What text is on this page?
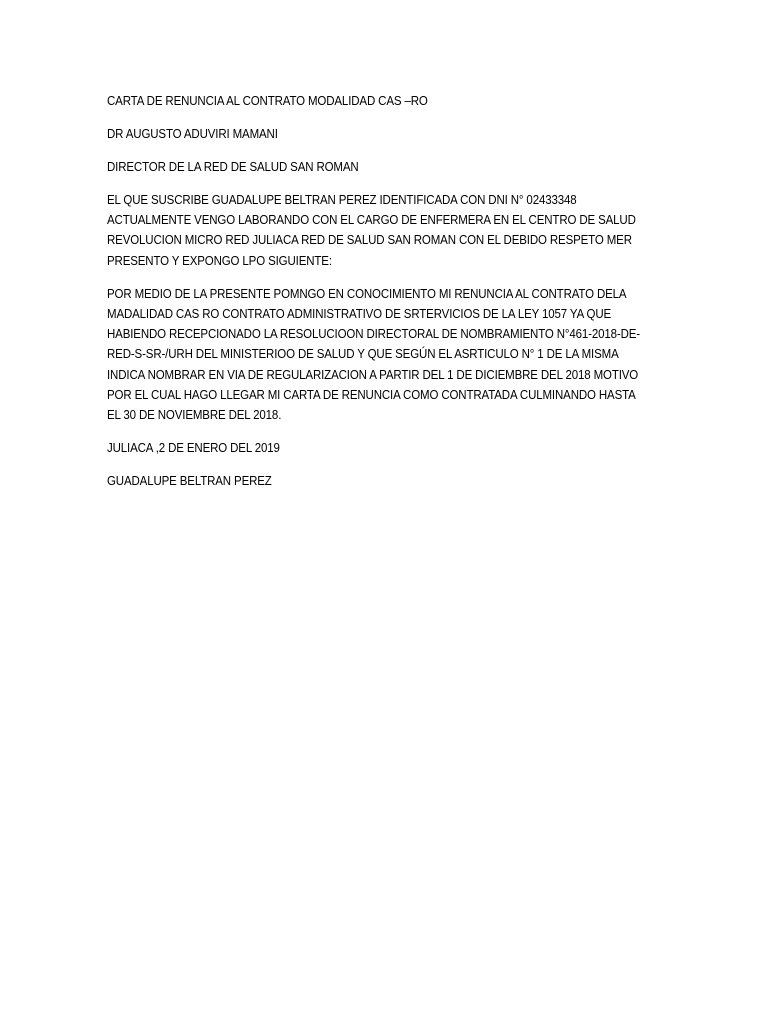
CARTA DE RENUNCIA AL CONTRATO MODALIDAD CAS –RO
DR AUGUSTO ADUVIRI MAMANI
DIRECTOR DE LA RED DE SALUD SAN ROMAN
EL QUE SUSCRIBE GUADALUPE BELTRAN PEREZ IDENTIFICADA CON DNI N° 02433348
ACTUALMENTE VENGO LABORANDO CON EL CARGO DE ENFERMERA EN EL CENTRO DE SALUD
REVOLUCION MICRO RED JULIACA RED DE SALUD SAN ROMAN CON EL DEBIDO RESPETO MER
PRESENTO Y EXPONGO LPO SIGUIENTE:
POR MEDIO DE LA PRESENTE POMNGO EN CONOCIMIENTO MI RENUNCIA AL CONTRATO DELA
MADALIDAD CAS RO CONTRATO ADMINISTRATIVO DE SRTERVICIOS DE LA LEY 1057 YA QUE
HABIENDO RECEPCIONADO LA RESOLUCIOON DIRECTORAL DE NOMBRAMIENTO N°461-2018-DE-
RED-S-SR-/URH DEL MINISTERIOO DE SALUD Y QUE SEGÚN EL ASRTICULO N° 1 DE LA MISMA
INDICA NOMBRAR EN VIA DE REGULARIZACION A PARTIR DEL 1 DE DICIEMBRE DEL 2018 MOTIVO
POR EL CUAL HAGO LLEGAR MI CARTA DE RENUNCIA COMO CONTRATADA CULMINANDO HASTA
EL 30 DE NOVIEMBRE DEL 2018.
JULIACA ,2 DE ENERO DEL 2019
GUADALUPE BELTRAN PEREZ
